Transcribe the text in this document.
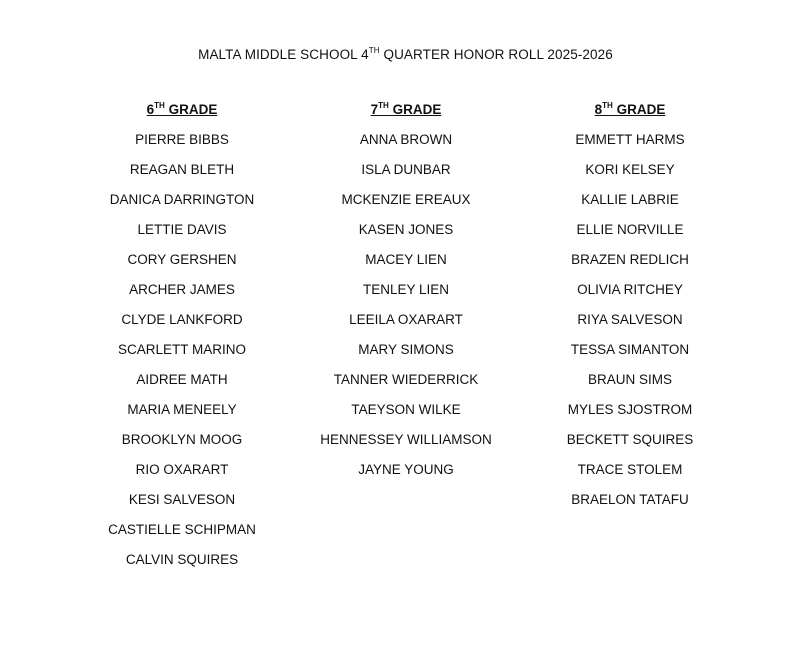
MALTA MIDDLE SCHOOL 4TH QUARTER HONOR ROLL 2025-2026
6TH GRADE
PIERRE BIBBS
REAGAN BLETH
DANICA DARRINGTON
LETTIE DAVIS
CORY GERSHEN
ARCHER JAMES
CLYDE LANKFORD
SCARLETT MARINO
AIDREE MATH
MARIA MENEELY
BROOKLYN MOOG
RIO OXARART
KESI SALVESON
CASTIELLE SCHIPMAN
CALVIN SQUIRES
7TH GRADE
ANNA BROWN
ISLA DUNBAR
MCKENZIE EREAUX
KASEN JONES
MACEY LIEN
TENLEY LIEN
LEEILA OXARART
MARY SIMONS
TANNER WIEDERRICK
TAEYSON WILKE
HENNESSEY WILLIAMSON
JAYNE YOUNG
8TH GRADE
EMMETT HARMS
KORI KELSEY
KALLIE LABRIE
ELLIE NORVILLE
BRAZEN REDLICH
OLIVIA RITCHEY
RIYA SALVESON
TESSA SIMANTON
BRAUN SIMS
MYLES SJOSTROM
BECKETT SQUIRES
TRACE STOLEM
BRAELON TATAFU
